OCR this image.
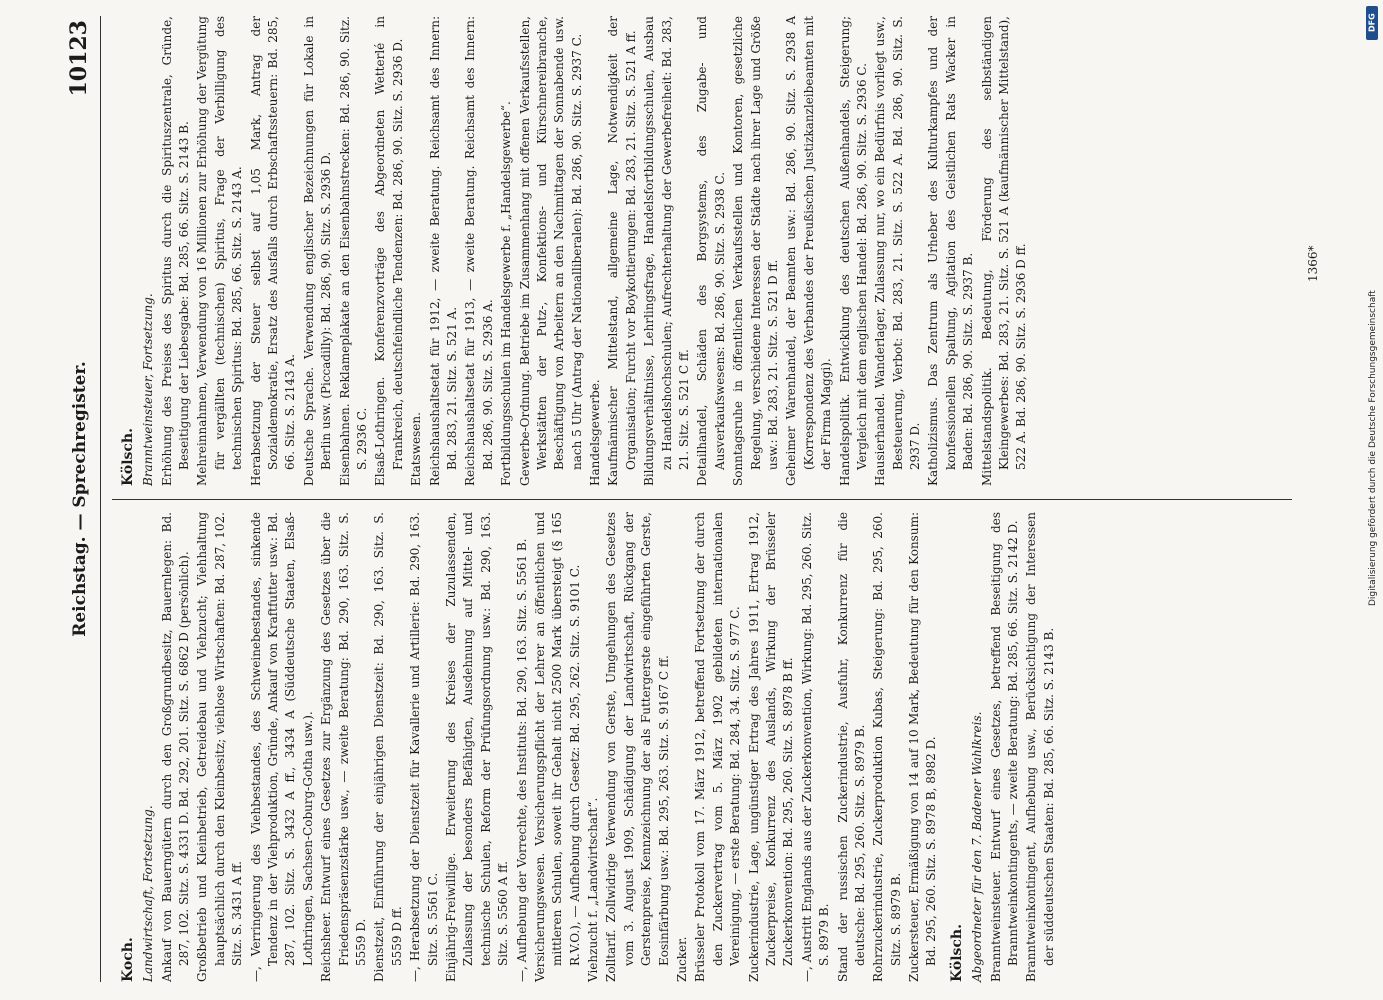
Reichstag. — Sprechregister.
10123
Koch. Landwirtschaft, Fortsetzung. Ankauf von Bauerngütern durch den Großgrundbesitz, Bauernlegen: Bd. 287, 102. Sitz. S. 4331 D. Bd. 292, 201. Sitz. S. 6862 D (persönlich). Großbetrieb und Kleinbetrieb, Getreidebau und Viehzucht; Viehhaltung hauptsächlich durch den Kleinbesitz; viehlose Wirtschaften: Bd. 287, 102. Sitz. S. 3431 A ff. —, Verringerung des Viehbestandes, des Schweinebestandes, sinkende Tendenz in der Viehproduktion, Gründe, Ankauf von Kraftfutter usw.: Bd. 287, 102. Sitz. S. 3432 A ff., 3434 A (Süddeutsche Staaten, Elsaß-Lothringen, Sachsen-Coburg-Gotha usw.). Reichsheer. Entwurf eines Gesetzes zur Ergänzung des Gesetzes über die Friedenspräsenzstärke usw., — zweite Beratung: Bd. 290, 163. Sitz. S. 5559 D. Dienstzeit, Einführung der einjährigen Dienstzeit: Bd. 290, 163. Sitz. S. 5559 D ff. —, Herabsetzung der Dienstzeit für Kavallerie und Artillerie: Bd. 290, 163. Sitz. S. 5561 C. Einjährig-Freiwillige. Erweiterung des Kreises der Zuzulassenden, Zulassung der besonders Befähigten, Ausdehnung auf Mittel- und technische Schulen, Reform der Prüfungsordnung usw.: Bd. 290, 163. Sitz. S. 5560 A ff. —, Aufhebung der Vorrechte, des Instituts: Bd. 290, 163. Sitz. S. 5561 B. Versicherungswesen. Versicherungspflicht der Lehrer an öffentlichen und mittleren Schulen, soweit ihr Gehalt nicht 2500 Mark übersteigt (§ 165 R.V.O.), — Aufhebung durch Gesetz: Bd. 295, 262. Sitz. S. 9101 C. Viehzucht f. „Landwirtschaft“. Zolltarif. Zollwidrige Verwendung von Gerste, Umgehungen des Gesetzes vom 3. August 1909, Schädigung der Landwirtschaft, Rückgang der Gerstenpreise, Kennzeichnung der als Futtergerste eingeführten Gerste, Eosinfärbung usw.: Bd. 295, 263. Sitz. S. 9167 C ff. Zucker. Brüsseler Protokoll vom 17. März 1912, betreffend Fortsetzung der durch den Zuckervertrag vom 5. März 1902 gebildeten internationalen Vereinigung, — erste Beratung: Bd. 284, 34. Sitz. S. 977 C. Zuckerindustrie, Lage, ungünstiger Ertrag des Jahres 1911, Ertrag 1912, Zuckerpreise, Konkurrenz des Auslands, Wirkung der Brüsseler Zuckerkonvention: Bd. 295, 260. Sitz. S. 8978 B ff. —, Austritt Englands aus der Zuckerkonvention, Wirkung: Bd. 295, 260. Sitz. S. 8979 B. Stand der russischen Zuckerindustrie, Ausfuhr, Konkurrenz für die deutsche: Bd. 295, 260. Sitz. S. 8979 B. Rohrzuckerindustrie, Zuckerproduktion Kubas, Steigerung: Bd. 295, 260. Sitz. S. 8979 B. Zuckersteuer, Ermäßigung von 14 auf 10 Mark, Bedeutung für den Konsum: Bd. 295, 260. Sitz. S. 8978 B, 8982 D. Kölsch. Abgeordneter für den 7. Badener Wahlkreis. Branntweinsteuer. Entwurf eines Gesetzes, betreffend Beseitigung des Branntweinkontingents, — zweite Beratung: Bd. 285, 66. Sitz. S. 2142 D. Branntweinkontingent, Aufhebung usw., Berücksichtigung der Interessen der süddeutschen Staaten: Bd. 285, 66. Sitz. S. 2143 B.
Kölsch. Branntweinsteuer, Fortsetzung. Erhöhung des Preises des Spiritus durch die Spirituszentrale, Gründe, Beseitigung der Liebesgabe: Bd. 285, 66. Sitz. S. 2143 B. Mehreinnahmen, Verwendung von 16 Millionen zur Erhöhung der Vergütung für vergällten (technischen) Spiritus, Frage der Verbilligung des technischen Spiritus: Bd. 285, 66. Sitz. S. 2143 A. Herabsetzung der Steuer selbst auf 1,05 Mark, Antrag der Sozialdemokratie, Ersatz des Ausfalls durch Erbschaftssteuern: Bd. 285, 66. Sitz. S. 2143 A. Deutsche Sprache. Verwendung englischer Bezeichnungen für Lokale in Berlin usw. (Piccadilly): Bd. 286, 90. Sitz. S. 2936 D. Eisenbahnen. Reklameplakate an den Eisenbahnstrecken: Bd. 286, 90. Sitz. S. 2936 C. Elsaß-Lothringen. Konferenzvorträge des Abgeordneten Wetterlé in Frankreich, deutschfeindliche Tendenzen: Bd. 286, 90. Sitz. S. 2936 D. Etatswesen. Reichshaushaltsetat für 1912, — zweite Beratung. Reichsamt des Innern: Bd. 283, 21. Sitz. S. 521 A. Reichshaushaltsetat für 1913, — zweite Beratung. Reichsamt des Innern: Bd. 286, 90. Sitz. S. 2936 A. Fortbildungsschulen im Handelsgewerbe f. „Handelsgewerbe“. Gewerbe-Ordnung. Betriebe im Zusammenhang mit offenen Verkaufsstellen, Werkstätten der Putz-, Konfektions- und Kürschnereibranche, Beschäftigung von Arbeitern an den Nachmittagen der Sonnabende usw. nach 5 Uhr (Antrag der Nationalliberalen): Bd. 286, 90. Sitz. S. 2937 C. Handelsgewerbe. Kaufmännischer Mittelstand, allgemeine Lage, Notwendigkeit der Organisation; Furcht vor Boykottierungen: Bd. 283, 21. Sitz. S. 521 A ff. Bildungsverhältnisse, Lehrlingsfrage, Handelsfortbildungsschulen, Ausbau zu Handelshochschulen; Aufrechterhaltung der Gewerbefreiheit: Bd. 283, 21. Sitz. S. 521 C ff. Detailhandel, Schäden des Borgsystems, des Zugabe- und Ausverkaufswesens: Bd. 286, 90. Sitz. S. 2938 C. Sonntagsruhe in öffentlichen Verkaufsstellen und Kontoren, gesetzliche Regelung, verschiedene Interessen der Städte nach ihrer Lage und Größe usw.: Bd. 283, 21. Sitz. S. 521 D ff. Geheimer Warenhandel, der Beamten usw.: Bd. 286, 90. Sitz. S. 2938 A (Korrespondenz des Verbandes der Preußischen Justizkanzleibeamten mit der Firma Maggi). Handelspolitik. Entwicklung des deutschen Außenhandels, Steigerung; Vergleich mit dem englischen Handel: Bd. 286, 90. Sitz. S. 2936 C. Hausierhandel. Wanderlager, Zulassung nur, wo ein Bedürfnis vorliegt usw., Besteuerung, Verbot: Bd. 283, 21. Sitz. S. 522 A. Bd. 286, 90. Sitz. S. 2937 D. Katholizismus. Das Zentrum als Urheber des Kulturkampfes und der konfessionellen Spaltung, Agitation des Geistlichen Rats Wacker in Baden: Bd. 286, 90. Sitz. S. 2937 B. Mittelstandspolitik. Bedeutung, Förderung des selbständigen Kleingewerbes: Bd. 283, 21. Sitz. S. 521 A (kaufmännischer Mittelstand), 522 A. Bd. 286, 90. Sitz. S. 2936 D ff.	1366*
DFG
Digitalisierung gefördert durch die Deutsche Forschungsgemeinschaft
